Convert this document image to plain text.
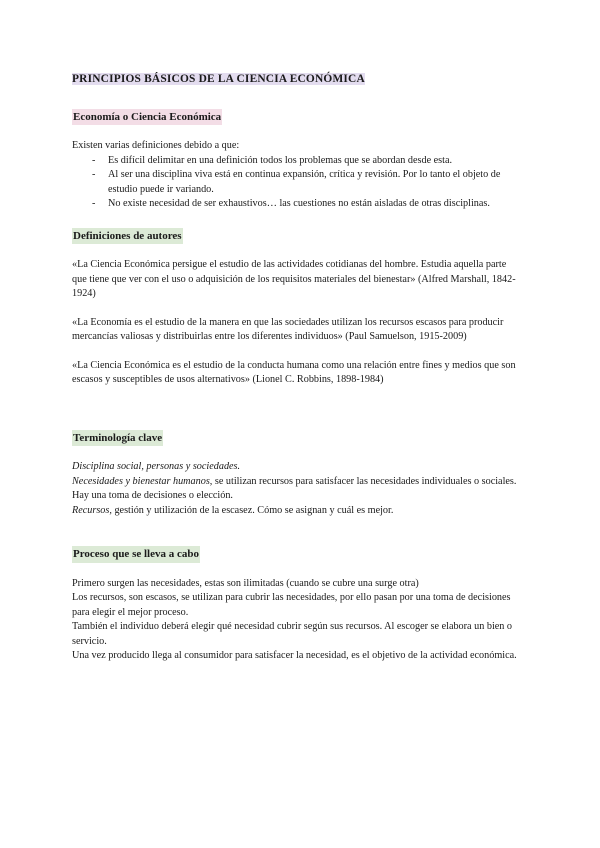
PRINCIPIOS BÁSICOS DE LA CIENCIA ECONÓMICA
Economía o Ciencia Económica

Existen varias definiciones debido a que:

- Es difícil delimitar en una definición todos los problemas que se abordan desde esta.
- Al ser una disciplina viva está en continua expansión, crítica y revisión. Por lo tanto el objeto de estudio puede ir variando.
- No existe necesidad de ser exhaustivos… las cuestiones no están aisladas de otras disciplinas.
Definiciones de autores

«La Ciencia Económica persigue el estudio de las actividades cotidianas del hombre. Estudia aquella parte que tiene que ver con el uso o adquisición de los requisitos materiales del bienestar» (Alfred Marshall, 1842-1924)

«La Economía es el estudio de la manera en que las sociedades utilizan los recursos escasos para producir mercancías valiosas y distribuirlas entre los diferentes individuos» (Paul Samuelson, 1915-2009)

«La Ciencia Económica es el estudio de la conducta humana como una relación entre fines y medios que son escasos y susceptibles de usos alternativos» (Lionel C. Robbins, 1898-1984)

Terminología clave

Disciplina social, personas y sociedades.

Necesidades y bienestar humanos, se utilizan recursos para satisfacer las necesidades individuales o sociales. Hay una toma de decisiones o elección.

Recursos, gestión y utilización de la escasez. Cómo se asignan y cuál es mejor.

Proceso que se lleva a cabo

Primero surgen las necesidades, estas son ilimitadas (cuando se cubre una surge otra)

Los recursos, son escasos, se utilizan para cubrir las necesidades, por ello pasan por una toma de decisiones para elegir el mejor proceso.

También el individuo deberá elegir qué necesidad cubrir según sus recursos. Al escoger se elabora un bien o servicio.

Una vez producido llega al consumidor para satisfacer la necesidad, es el objetivo de la actividad económica.
